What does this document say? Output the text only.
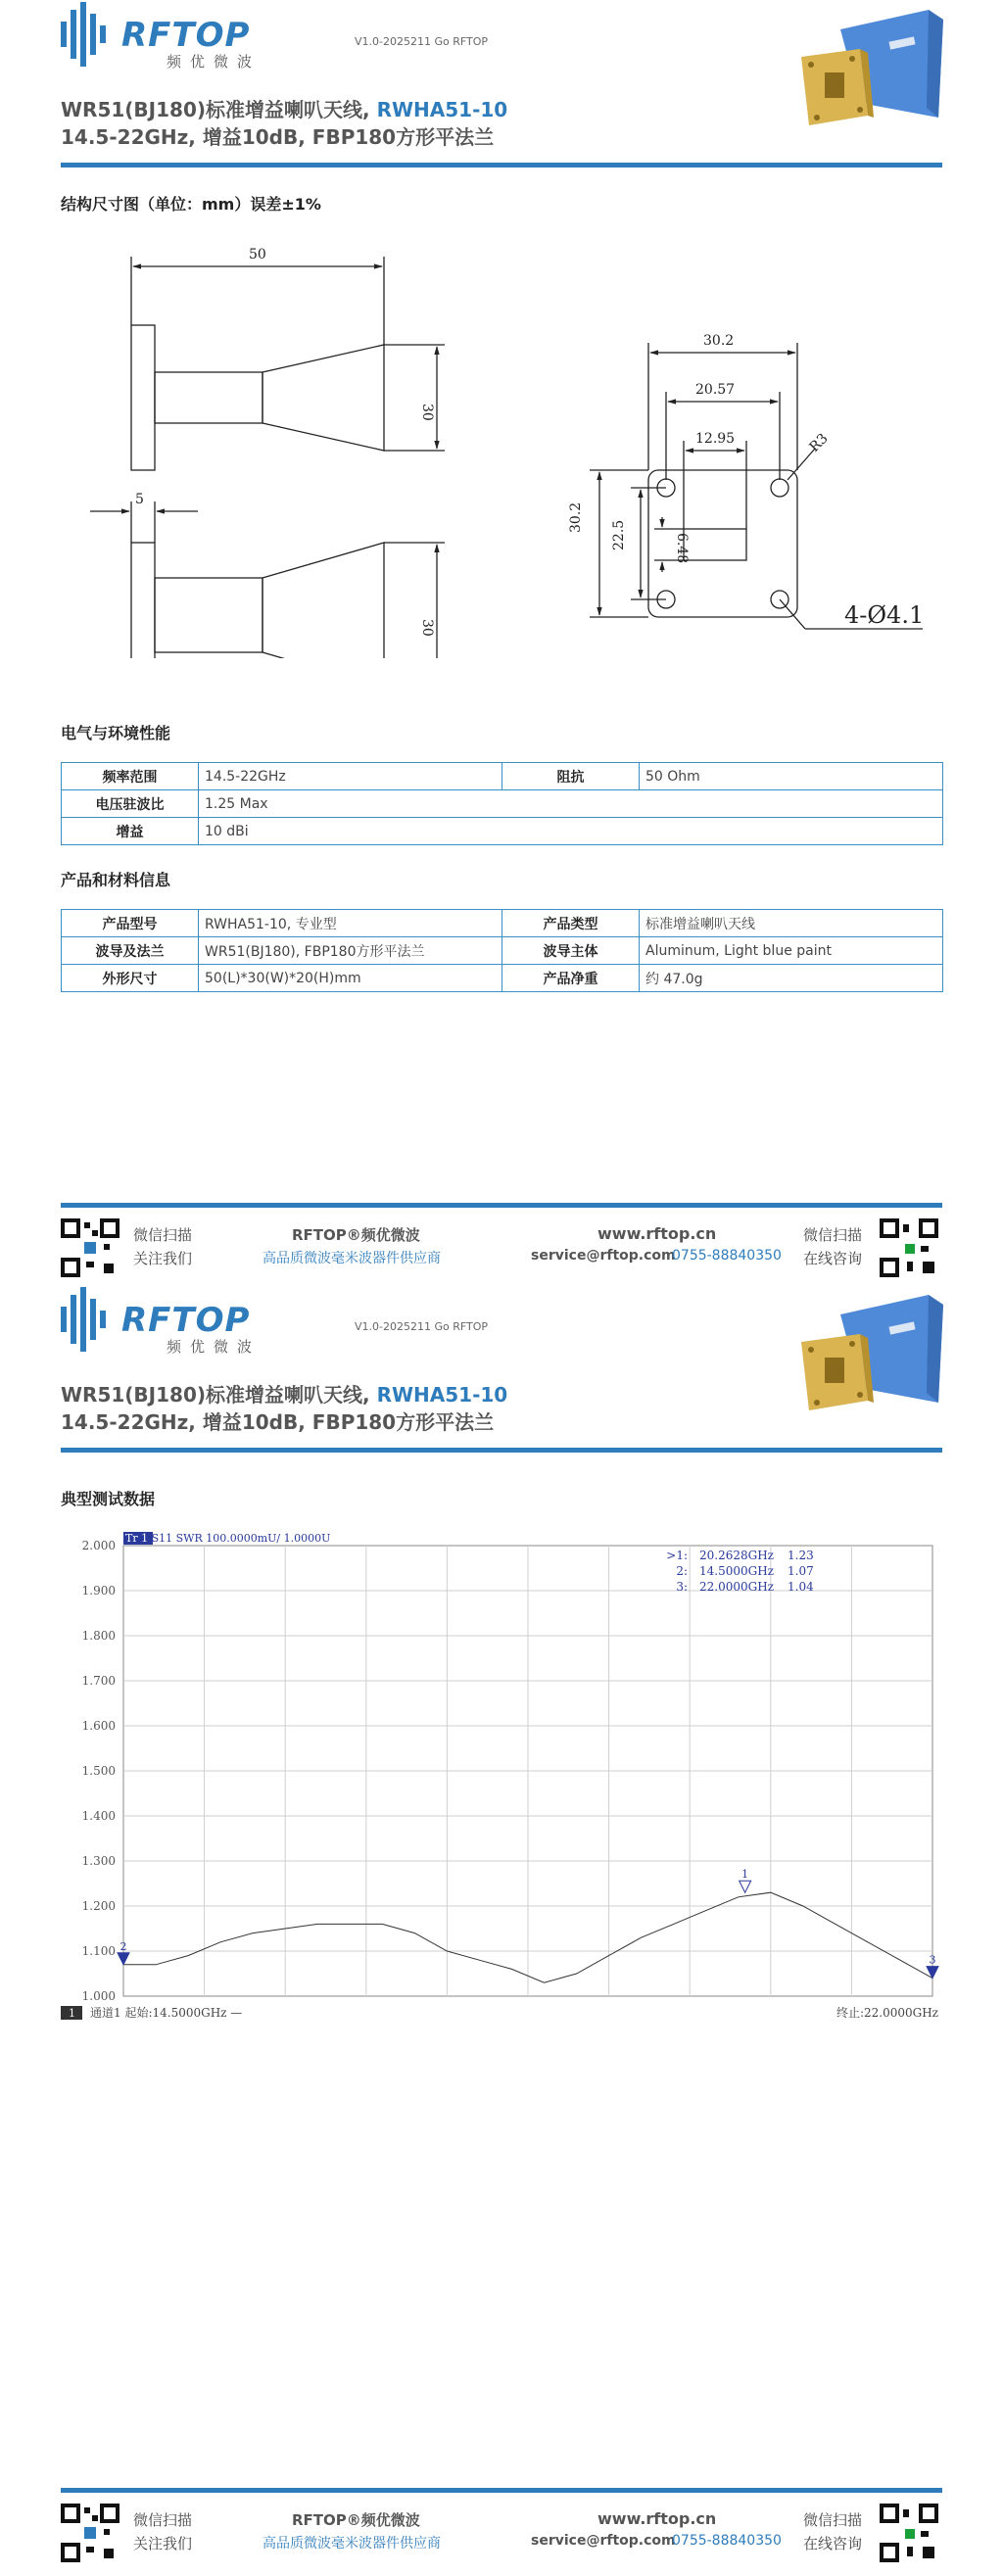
RFTOP
频优微波
V1.0-2025211 Go RFTOP
WR51(BJ180)标准增益喇叭天线, RWHA51-10
14.5-22GHz, 增益10dB, FBP180方形平法兰
结构尺寸图（单位：mm）误差±1%
50
30
5
30
30.2
20.57
12.95	R3
30.2
22.5	6.48
4-Ø4.1
电气与环境性能
频率范围	14.5-22GHz	阻抗	50 Ohm
电压驻波比	1.25 Max		
增益	10 dBi		
产品和材料信息
产品型号	RWHA51-10, 专业型	产品类型	标准增益喇叭天线
波导及法兰	WR51(BJ180), FBP180方形平法兰	波导主体	Aluminum, Light blue paint
外形尺寸	50(L)*30(W)*20(H)mm	产品净重	约 47.0g
微信扫描
关注我们
RFTOP®频优微波
高品质微波毫米波器件供应商
www.rftop.cn
service@rftop.com
0755-88840350
微信扫描
在线咨询
RFTOP
频优微波
V1.0-2025211 Go RFTOP
WR51(BJ180)标准增益喇叭天线, RWHA51-10
14.5-22GHz, 增益10dB, FBP180方形平法兰
典型测试数据
微信扫描
关注我们
RFTOP®频优微波
高品质微波毫米波器件供应商
www.rftop.cn
service@rftop.com
0755-88840350
微信扫描
在线咨询
2.000
1.900
1.800
1.700
1.600
1.500
1.400
1.300
1.200
1.100
1.000
Tr 1 S11 SWR 100.0000mU/ 1.0000U
1
>1: 20.2628GHz 1.23
2
2: 14.5000GHz 1.07
3
3: 22.0000GHz 1.04
1 通道1 起始:14.5000GHz —	终止:22.0000GHz
